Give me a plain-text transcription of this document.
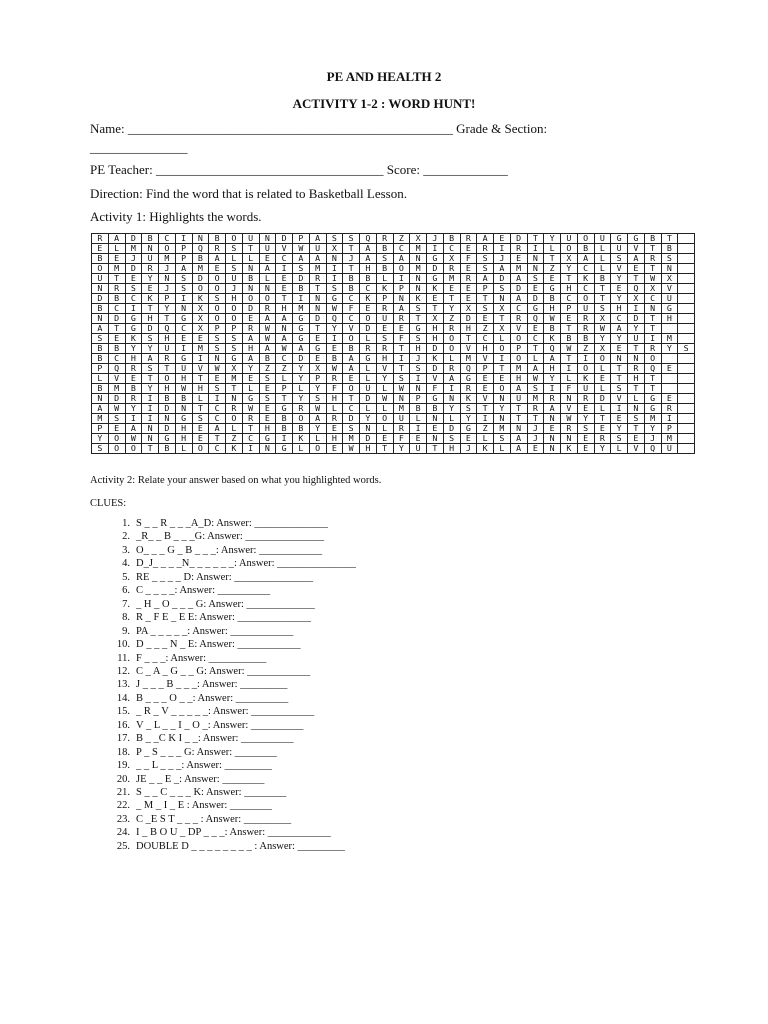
PE AND HEALTH 2
ACTIVITY 1-2 : WORD HUNT!
Name: __________________________________________________ Grade & Section:
_______________
PE Teacher: ___________________________________ Score: _____________
Direction: Find the word that is related to Basketball Lesson.
Activity 1: Highlights the words.
R	A	D	B	C	I	N	B	O	U	N	D	P	A	S	S	Q	R	Z	X	J	B	R	A	E	D	T	Y	U	O	U	G	G	B	T	
E	L	M	N	O	P	Q	R	S	T	U	V	W	U	X	T	A	B	C	M	I	C	E	R	I	R	I	L	O	B	L	U	V	T	B	
B	E	J	U	M	P	B	A	L	L	E	C	A	A	N	J	A	S	A	N	G	X	F	S	J	E	N	T	X	A	L	S	A	R	S	
O	M	D	R	J	A	M	E	S	N	A	I	S	M	I	T	H	B	O	M	D	R	E	S	A	M	N	Z	Y	C	L	V	E	T	N	
U	T	E	Y	N	S	D	O	U	B	L	E	D	R	I	B	B	L	I	N	G	M	R	A	D	A	S	E	T	K	B	Y	T	W	X	
N	R	S	E	J	S	O	O	J	N	N	E	B	T	S	B	C	K	P	N	K	E	E	P	S	D	E	G	H	C	T	E	Q	X	V	
D	B	C	K	P	I	K	S	H	O	O	T	I	N	G	C	K	P	N	K	E	T	E	T	N	A	D	B	C	O	T	Y	X	C	U	
B	C	I	T	Y	N	X	O	O	D	R	H	M	N	W	F	E	R	A	S	T	Y	X	S	X	C	G	H	P	U	S	H	I	N	G	
N	D	G	H	T	G	X	O	O	E	A	A	G	D	Q	C	O	U	R	T	X	Z	D	E	T	R	Q	W	E	R	X	C	D	T	H	
A	T	G	D	Q	C	X	P	P	R	W	N	G	T	Y	V	D	E	E	G	H	R	H	Z	X	V	E	B	T	R	W	A	Y	T		
S	E	K	S	H	E	E	S	S	A	W	A	G	E	I	O	L	S	F	S	H	O	T	C	L	O	C	K	B	B	Y	Y	U	I	M	
B	B	Y	Y	U	I	M	S	S	H	A	W	A	G	E	B	R	R	T	H	D	O	V	H	O	P	T	Q	W	Z	X	E	T	R	Y	S
B	C	H	A	R	G	I	N	G	A	B	C	D	E	B	A	G	H	I	J	K	L	M	V	I	O	L	A	T	I	O	N	N	O		
P	Q	R	S	T	U	V	W	X	Y	Z	Z	Y	X	W	A	L	V	T	S	D	R	Q	P	T	M	A	H	I	O	L	T	R	Q	E	
L	V	E	T	O	H	T	E	M	E	S	L	Y	P	R	E	L	Y	S	I	V	A	G	E	E	H	W	Y	L	K	E	T	H	T		
B	M	B	Y	H	W	H	S	T	L	E	P	L	Y	F	O	U	L	W	N	F	I	R	E	O	A	S	I	F	U	L	S	T	T		
N	D	R	I	B	B	L	I	N	G	S	T	Y	S	H	T	D	W	N	P	G	N	K	V	N	U	M	R	N	R	D	V	L	G	E	
A	W	Y	I	D	N	T	C	R	W	E	G	R	W	L	C	L	L	M	B	B	Y	S	T	Y	T	R	A	V	E	L	I	N	G	R	
M	S	I	I	N	G	S	C	O	R	E	B	O	A	R	D	Y	O	U	L	N	L	Y	I	N	T	T	N	W	Y	T	E	S	M	I	
P	E	A	N	D	H	E	A	L	T	H	B	B	Y	E	S	N	L	R	I	E	D	G	Z	M	N	J	E	R	S	E	Y	T	Y	P	
Y	O	W	N	G	H	E	T	Z	C	G	I	K	L	H	M	D	E	F	E	N	S	E	L	S	A	J	N	N	E	R	S	E	J	M	
S	O	O	T	B	L	O	C	K	I	N	G	L	O	E	W	H	T	Y	U	T	H	J	K	L	A	E	N	K	E	Y	L	V	Q	U	
Activity 2: Relate your answer based on what you highlighted words.
CLUES:
1. S _ _ R _ _ _A_D: Answer: ______________
2. _R_ _ B _ _ _G: Answer: _______________
3. O_ _ _ G _ B _ _ _: Answer: ____________
4. D_J_ _ _ _N_ _ _ _ _ _: Answer: _______________
5. RE _ _ _ _ D: Answer: _______________
6. C _ _ _ _: Answer: __________
7. _ H _ O _ _ _ G: Answer: _____________
8. R _ F E _ E E: Answer: ______________
9. PA _ _ _ _ _: Answer: ____________
10. D _ _ _ N _ E: Answer: ____________
11. F _ _ _: Answer: ___________
12. C _ A _ G _ _ G: Answer: ____________
13. J _ _ _ B _ _ _: Answer: _________
14. B _ _ _ O _ _: Answer: __________
15. _ R _ V _ _ _ _ _: Answer: ____________
16. V _ L _ _ I _ O _: Answer: __________
17. B _ _C K I _ _: Answer: __________
18. P _ S _ _ _ G: Answer: ________
19. _ _ L _ _ _: Answer: _________
20. JE _ _ E _: Answer: ________
21. S _ _ C _ _ _ K: Answer: ________
22. _ M _ I _ E : Answer: ________
23. C _E S T _ _ _ : Answer: _________
24. I _ B O U _ DP _ _ _: Answer: ____________
25. DOUBLE D _ _ _ _ _ _ _ _ : Answer: _________
